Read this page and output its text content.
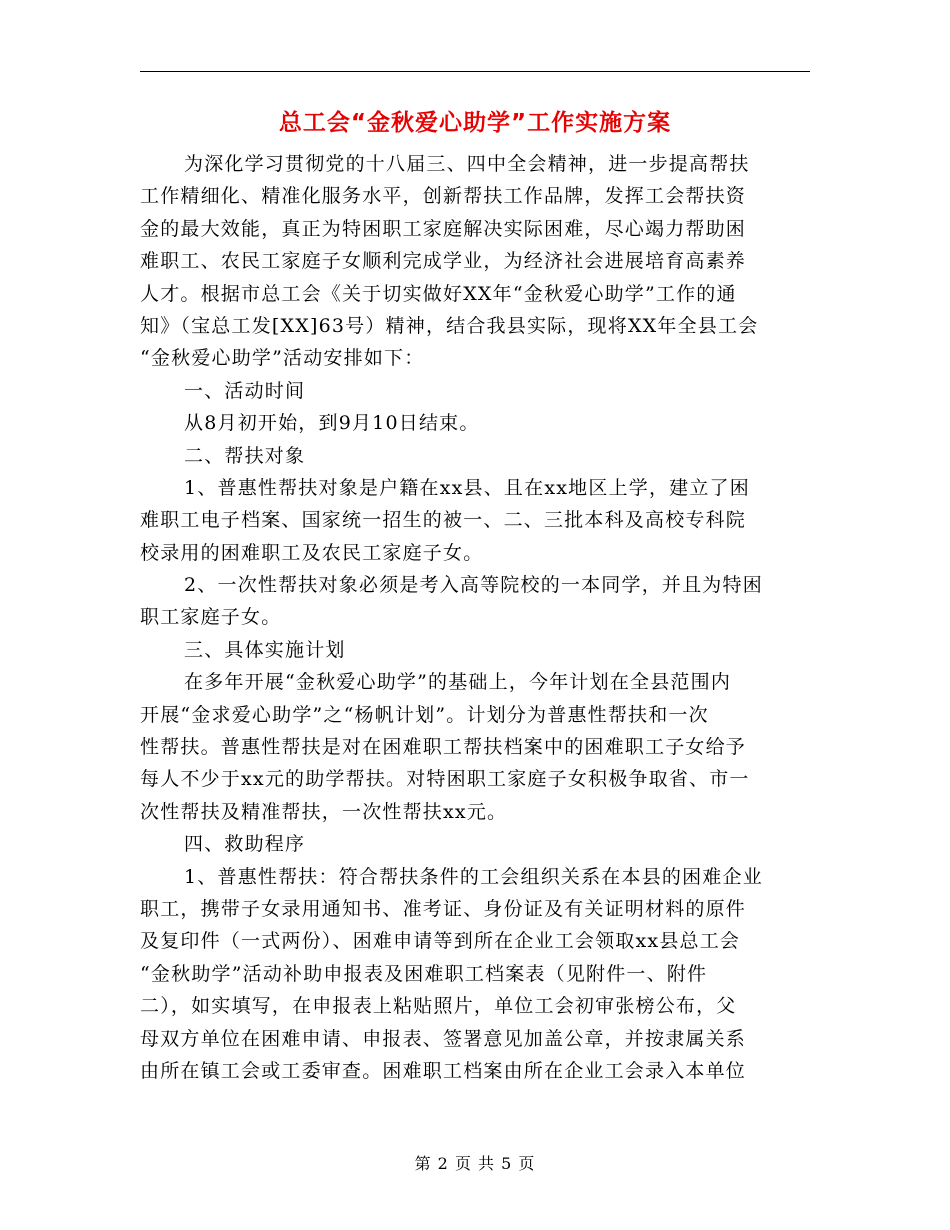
总工会“金秋爱心助学”工作实施方案
为深化学习贯彻党的十八届三、四中全会精神，进一步提高帮扶
工作精细化、精准化服务水平，创新帮扶工作品牌，发挥工会帮扶资
金的最大效能，真正为特困职工家庭解决实际困难，尽心竭力帮助困
难职工、农民工家庭子女顺利完成学业，为经济社会进展培育高素养
人才。根据市总工会《关于切实做好XX年“金秋爱心助学”工作的通
知》（宝总工发[XX]63号）精神，结合我县实际，现将XX年全县工会
“金秋爱心助学”活动安排如下：
一、活动时间
从8月初开始，到9月10日结束。
二、帮扶对象
1、普惠性帮扶对象是户籍在xx县、且在xx地区上学，建立了困
难职工电子档案、国家统一招生的被一、二、三批本科及高校专科院
校录用的困难职工及农民工家庭子女。
2、一次性帮扶对象必须是考入高等院校的一本同学，并且为特困
职工家庭子女。
三、具体实施计划
在多年开展“金秋爱心助学”的基础上，今年计划在全县范围内
开展“金求爱心助学”之“杨帆计划”。计划分为普惠性帮扶和一次
性帮扶。普惠性帮扶是对在困难职工帮扶档案中的困难职工子女给予
每人不少于xx元的助学帮扶。对特困职工家庭子女积极争取省、市一
次性帮扶及精准帮扶，一次性帮扶xx元。
四、救助程序
1、普惠性帮扶：符合帮扶条件的工会组织关系在本县的困难企业
职工，携带子女录用通知书、准考证、身份证及有关证明材料的原件
及复印件（一式两份）、困难申请等到所在企业工会领取xx县总工会
“金秋助学”活动补助申报表及困难职工档案表（见附件一、附件
二），如实填写，在申报表上粘贴照片，单位工会初审张榜公布，父
母双方单位在困难申请、申报表、签署意见加盖公章，并按隶属关系
由所在镇工会或工委审查。困难职工档案由所在企业工会录入本单位
第 2 页 共 5 页
